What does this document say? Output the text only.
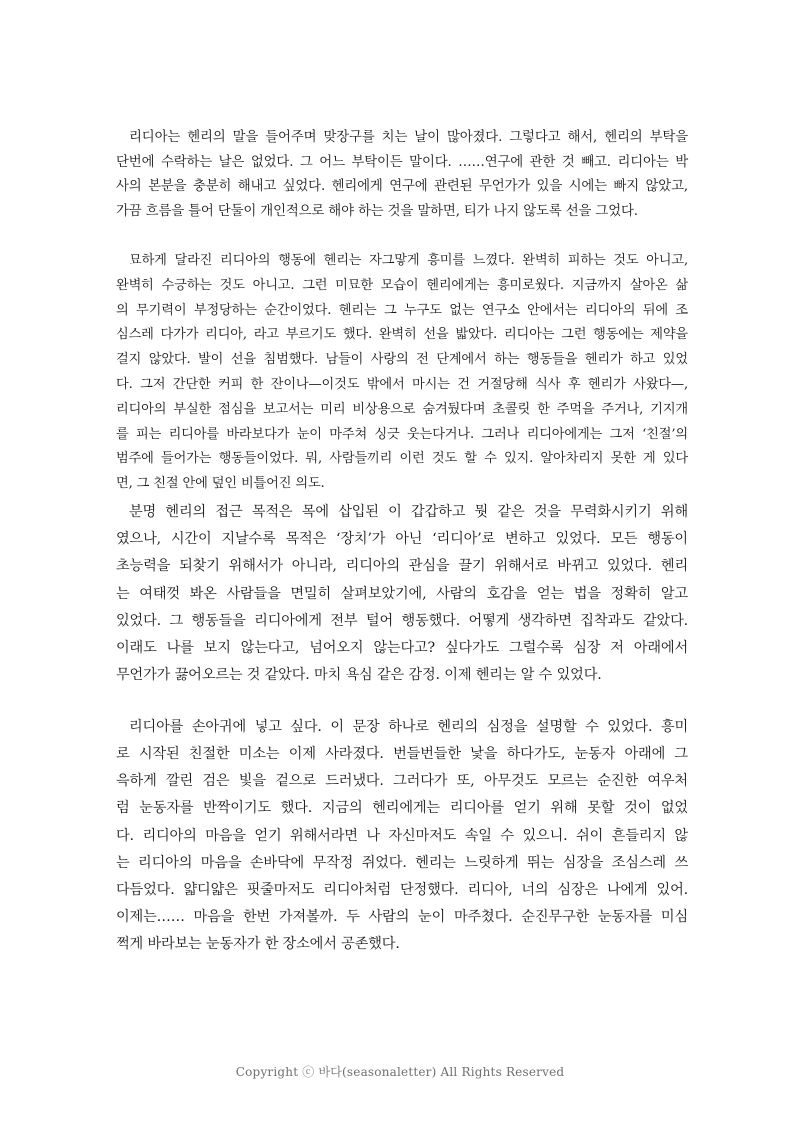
리디아는 헨리의 말을 들어주며 맞장구를 치는 날이 많아졌다. 그렇다고 해서, 헨리의 부탁을
단번에 수락하는 날은 없었다. 그 어느 부탁이든 말이다. ……연구에 관한 것 빼고. 리디아는 박
사의 본분을 충분히 해내고 싶었다. 헨리에게 연구에 관련된 무언가가 있을 시에는 빠지 않았고,
가끔 흐름을 틀어 단둘이 개인적으로 해야 하는 것을 말하면, 티가 나지 않도록 선을 그었다.
묘하게 달라진 리디아의 행동에 헨리는 자그맣게 흥미를 느꼈다. 완벽히 피하는 것도 아니고,
완벽히 수긍하는 것도 아니고. 그런 미묘한 모습이 헨리에게는 흥미로웠다. 지금까지 살아온 삶
의 무기력이 부정당하는 순간이었다. 헨리는 그 누구도 없는 연구소 안에서는 리디아의 뒤에 조
심스레 다가가 리디아, 라고 부르기도 했다. 완벽히 선을 밟았다. 리디아는 그런 행동에는 제약을
걸지 않았다. 발이 선을 침범했다. 남들이 사랑의 전 단계에서 하는 행동들을 헨리가 하고 있었
다. 그저 간단한 커피 한 잔이나—이것도 밖에서 마시는 건 거절당해 식사 후 헨리가 사왔다—,
리디아의 부실한 점심을 보고서는 미리 비상용으로 숨겨뒀다며 초콜릿 한 주먹을 주거나, 기지개
를 피는 리디아를 바라보다가 눈이 마주쳐 싱긋 웃는다거나. 그러나 리디아에게는 그저 ‘친절’의
범주에 들어가는 행동들이었다. 뭐, 사람들끼리 이런 것도 할 수 있지. 알아차리지 못한 게 있다
면, 그 친절 안에 덮인 비틀어진 의도.
분명 헨리의 접근 목적은 목에 삽입된 이 갑갑하고 뭣 같은 것을 무력화시키기 위해
였으나, 시간이 지날수록 목적은 ‘장치’가 아닌 ‘리디아’로 변하고 있었다. 모든 행동이
초능력을 되찾기 위해서가 아니라, 리디아의 관심을 끌기 위해서로 바뀌고 있었다. 헨리
는 여태껏 봐온 사람들을 면밀히 살펴보았기에, 사람의 호감을 얻는 법을 정확히 알고
있었다. 그 행동들을 리디아에게 전부 털어 행동했다. 어떻게 생각하면 집착과도 같았다.
이래도 나를 보지 않는다고, 넘어오지 않는다고? 싶다가도 그럴수록 심장 저 아래에서
무언가가 끓어오르는 것 같았다. 마치 욕심 같은 감정. 이제 헨리는 알 수 있었다.
리디아를 손아귀에 넣고 싶다. 이 문장 하나로 헨리의 심정을 설명할 수 있었다. 흥미
로 시작된 친절한 미소는 이제 사라졌다. 번들번들한 낯을 하다가도, 눈동자 아래에 그
윽하게 깔린 검은 빛을 겉으로 드러냈다. 그러다가 또, 아무것도 모르는 순진한 여우처
럼 눈동자를 반짝이기도 했다. 지금의 헨리에게는 리디아를 얻기 위해 못할 것이 없었
다. 리디아의 마음을 얻기 위해서라면 나 자신마저도 속일 수 있으니. 쉬이 흔들리지 않
는 리디아의 마음을 손바닥에 무작정 쥐었다. 헨리는 느릿하게 뛰는 심장을 조심스레 쓰
다듬었다. 얇디얇은 핏줄마저도 리디아처럼 단정했다. 리디아, 너의 심장은 나에게 있어.
이제는…… 마음을 한번 가져볼까. 두 사람의 눈이 마주쳤다. 순진무구한 눈동자를 미심
쩍게 바라보는 눈동자가 한 장소에서 공존했다.
Copyright ⓒ 바다(seasonaletter) All Rights Reserved
